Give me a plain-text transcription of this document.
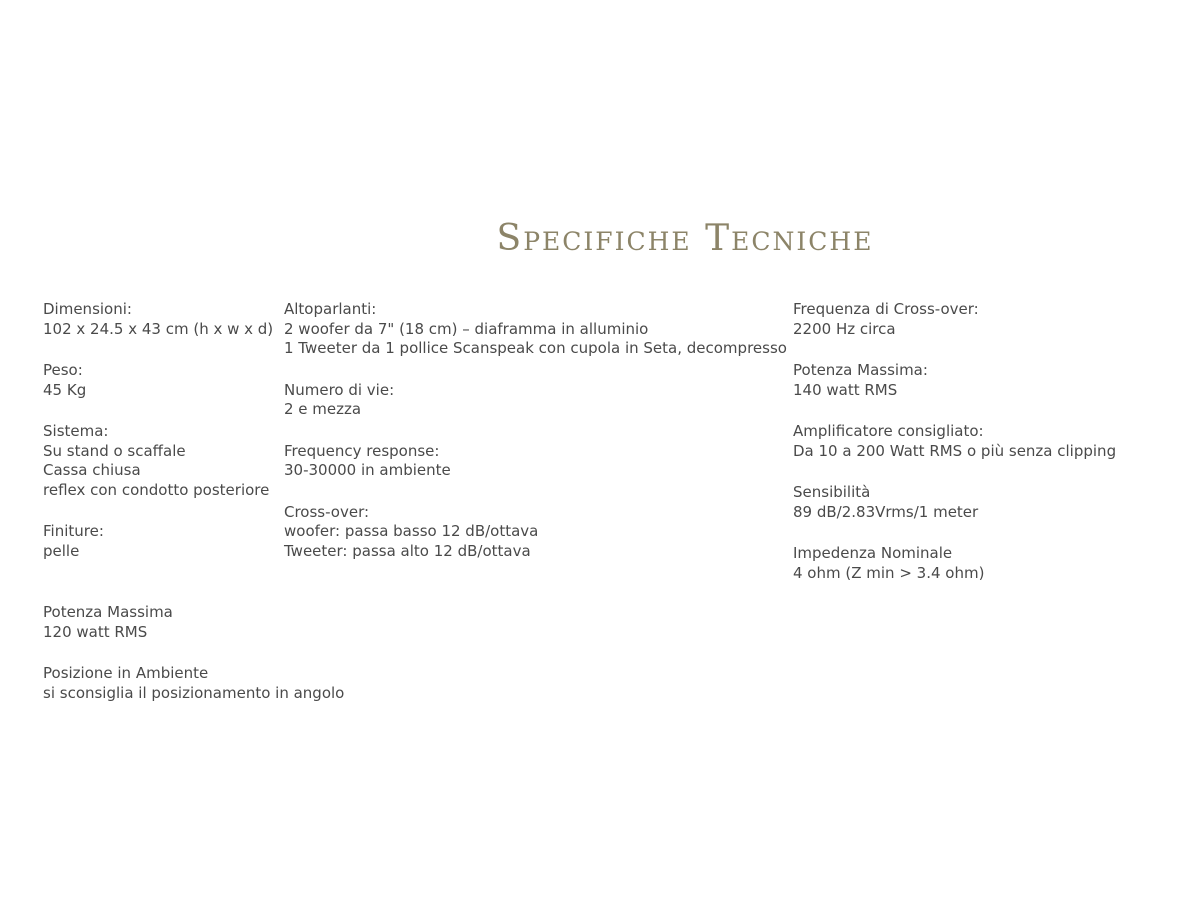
Specifiche Tecniche
Dimensioni:
102 x 24.5 x 43 cm (h x w x d)
Peso:
45 Kg
Sistema:
Su stand o scaffale
Cassa chiusa
reflex con condotto posteriore
Finiture:
pelle
Potenza Massima
120 watt RMS
Posizione in Ambiente
si sconsiglia il posizionamento in angolo
Altoparlanti:
2 woofer da 7" (18 cm) – diaframma in alluminio
1 Tweeter da 1 pollice Scanspeak con cupola in Seta, decompresso
Numero di vie:
2 e mezza
Frequency response:
30-30000 in ambiente
Cross-over:
woofer: passa basso 12 dB/ottava
Tweeter: passa alto 12 dB/ottava
Frequenza di Cross-over:
2200 Hz circa
Potenza Massima:
140 watt RMS
Amplificatore consigliato:
Da 10 a 200 Watt RMS o più senza clipping
Sensibilità
89 dB/2.83Vrms/1 meter
Impedenza Nominale
4 ohm (Z min > 3.4 ohm)
